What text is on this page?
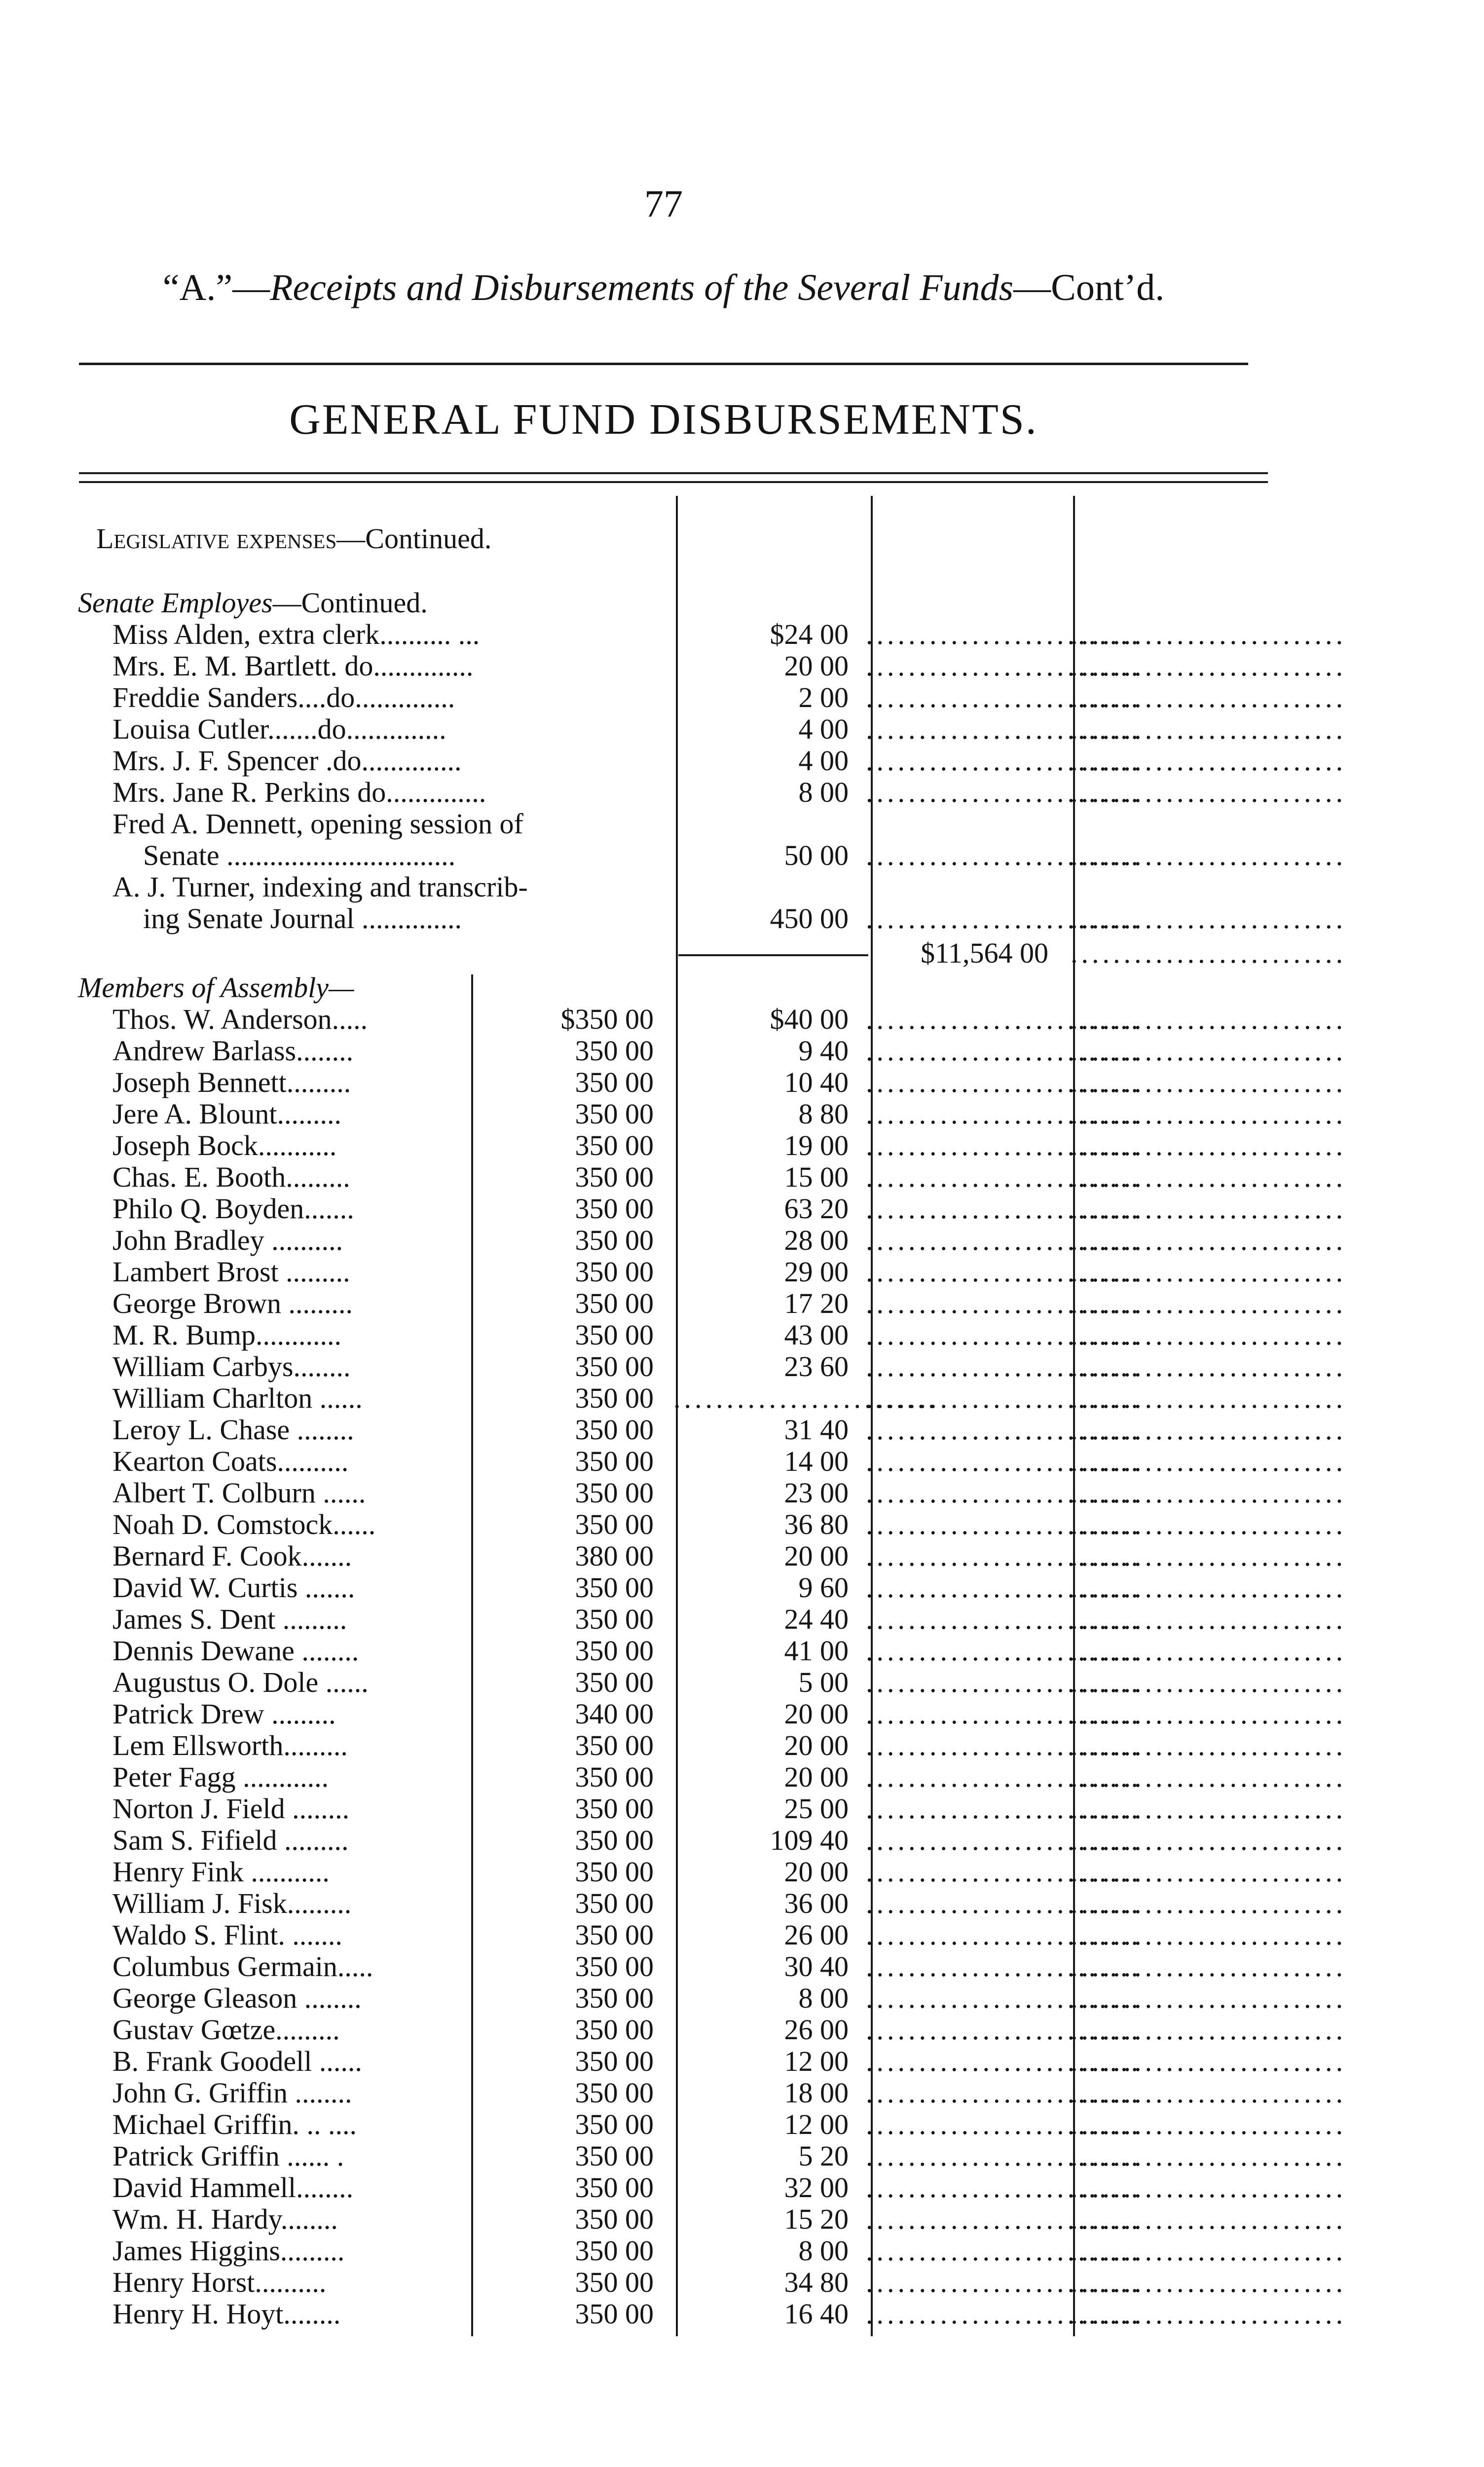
77
“A.”—Receipts and Disbursements of the Several Funds—Cont’d.
GENERAL FUND DISBURSEMENTS.
Legislative expenses—Continued.
Senate Employes—Continued.
Miss Alden, extra clerk.......... ...	$24 00 ..........................
..........................
Mrs. E. M. Bartlett. do..............	20 00 ..........................
..........................
Freddie Sanders....do..............	2 00 ..........................
..........................
Louisa Cutler.......do..............	4 00 ..........................
..........................
Mrs. J. F. Spencer .do..............	4 00 ..........................
..........................
Mrs. Jane R. Perkins do..............	8 00 ..........................
..........................
Fred A. Dennett, opening session of
Senate ................................	50 00 ..........................
..........................
A. J. Turner, indexing and transcrib-
ing Senate Journal ..............	450 00 ..........................
..........................
$11,564 00 ..........................
Members of Assembly—
Thos. W. Anderson.....	$350 00	$40 00 ..........................
..........................
Andrew Barlass........	350 00	9 40 ..........................
..........................
Joseph Bennett.........	350 00	10 40 ..........................
..........................
Jere A. Blount.........	350 00	8 80 ..........................
..........................
Joseph Bock...........	350 00	19 00 ..........................
..........................
Chas. E. Booth.........	350 00	15 00 ..........................
..........................
Philo Q. Boyden.......	350 00	63 20 ..........................
..........................
John Bradley ..........	350 00	28 00 ..........................
..........................
Lambert Brost .........	350 00	29 00 ..........................
..........................
George Brown .........	350 00	17 20 ..........................
..........................
M. R. Bump............	350 00	43 00 ..........................
..........................
William Carbys........	350 00	23 60 ..........................
..........................
William Charlton ......	350 00 .........................
..........................
..........................
Leroy L. Chase ........	350 00	31 40 ..........................
..........................
Kearton Coats..........	350 00	14 00 ..........................
..........................
Albert T. Colburn ......	350 00	23 00 ..........................
..........................
Noah D. Comstock......	350 00	36 80 ..........................
..........................
Bernard F. Cook.......	380 00	20 00 ..........................
..........................
David W. Curtis .......	350 00	9 60 ..........................
..........................
James S. Dent .........	350 00	24 40 ..........................
..........................
Dennis Dewane ........	350 00	41 00 ..........................
..........................
Augustus O. Dole ......	350 00	5 00 ..........................
..........................
Patrick Drew .........	340 00	20 00 ..........................
..........................
Lem Ellsworth.........	350 00	20 00 ..........................
..........................
Peter Fagg ............	350 00	20 00 ..........................
..........................
Norton J. Field ........	350 00	25 00 ..........................
..........................
Sam S. Fifield .........	350 00	109 40 ..........................
..........................
Henry Fink ...........	350 00	20 00 ..........................
..........................
William J. Fisk.........	350 00	36 00 ..........................
..........................
Waldo S. Flint. .......	350 00	26 00 ..........................
..........................
Columbus Germain.....	350 00	30 40 ..........................
..........................
George Gleason ........	350 00	8 00 ..........................
..........................
Gustav Gœtze.........	350 00	26 00 ..........................
..........................
B. Frank Goodell ......	350 00	12 00 ..........................
..........................
John G. Griffin ........	350 00	18 00 ..........................
..........................
Michael Griffin. .. ....	350 00	12 00 ..........................
..........................
Patrick Griffin ...... .	350 00	5 20 ..........................
..........................
David Hammell........	350 00	32 00 ..........................
..........................
Wm. H. Hardy........	350 00	15 20 ..........................
..........................
James Higgins.........	350 00	8 00 ..........................
..........................
Henry Horst..........	350 00	34 80 ..........................
..........................
Henry H. Hoyt........	350 00	16 40 ..........................
..........................
